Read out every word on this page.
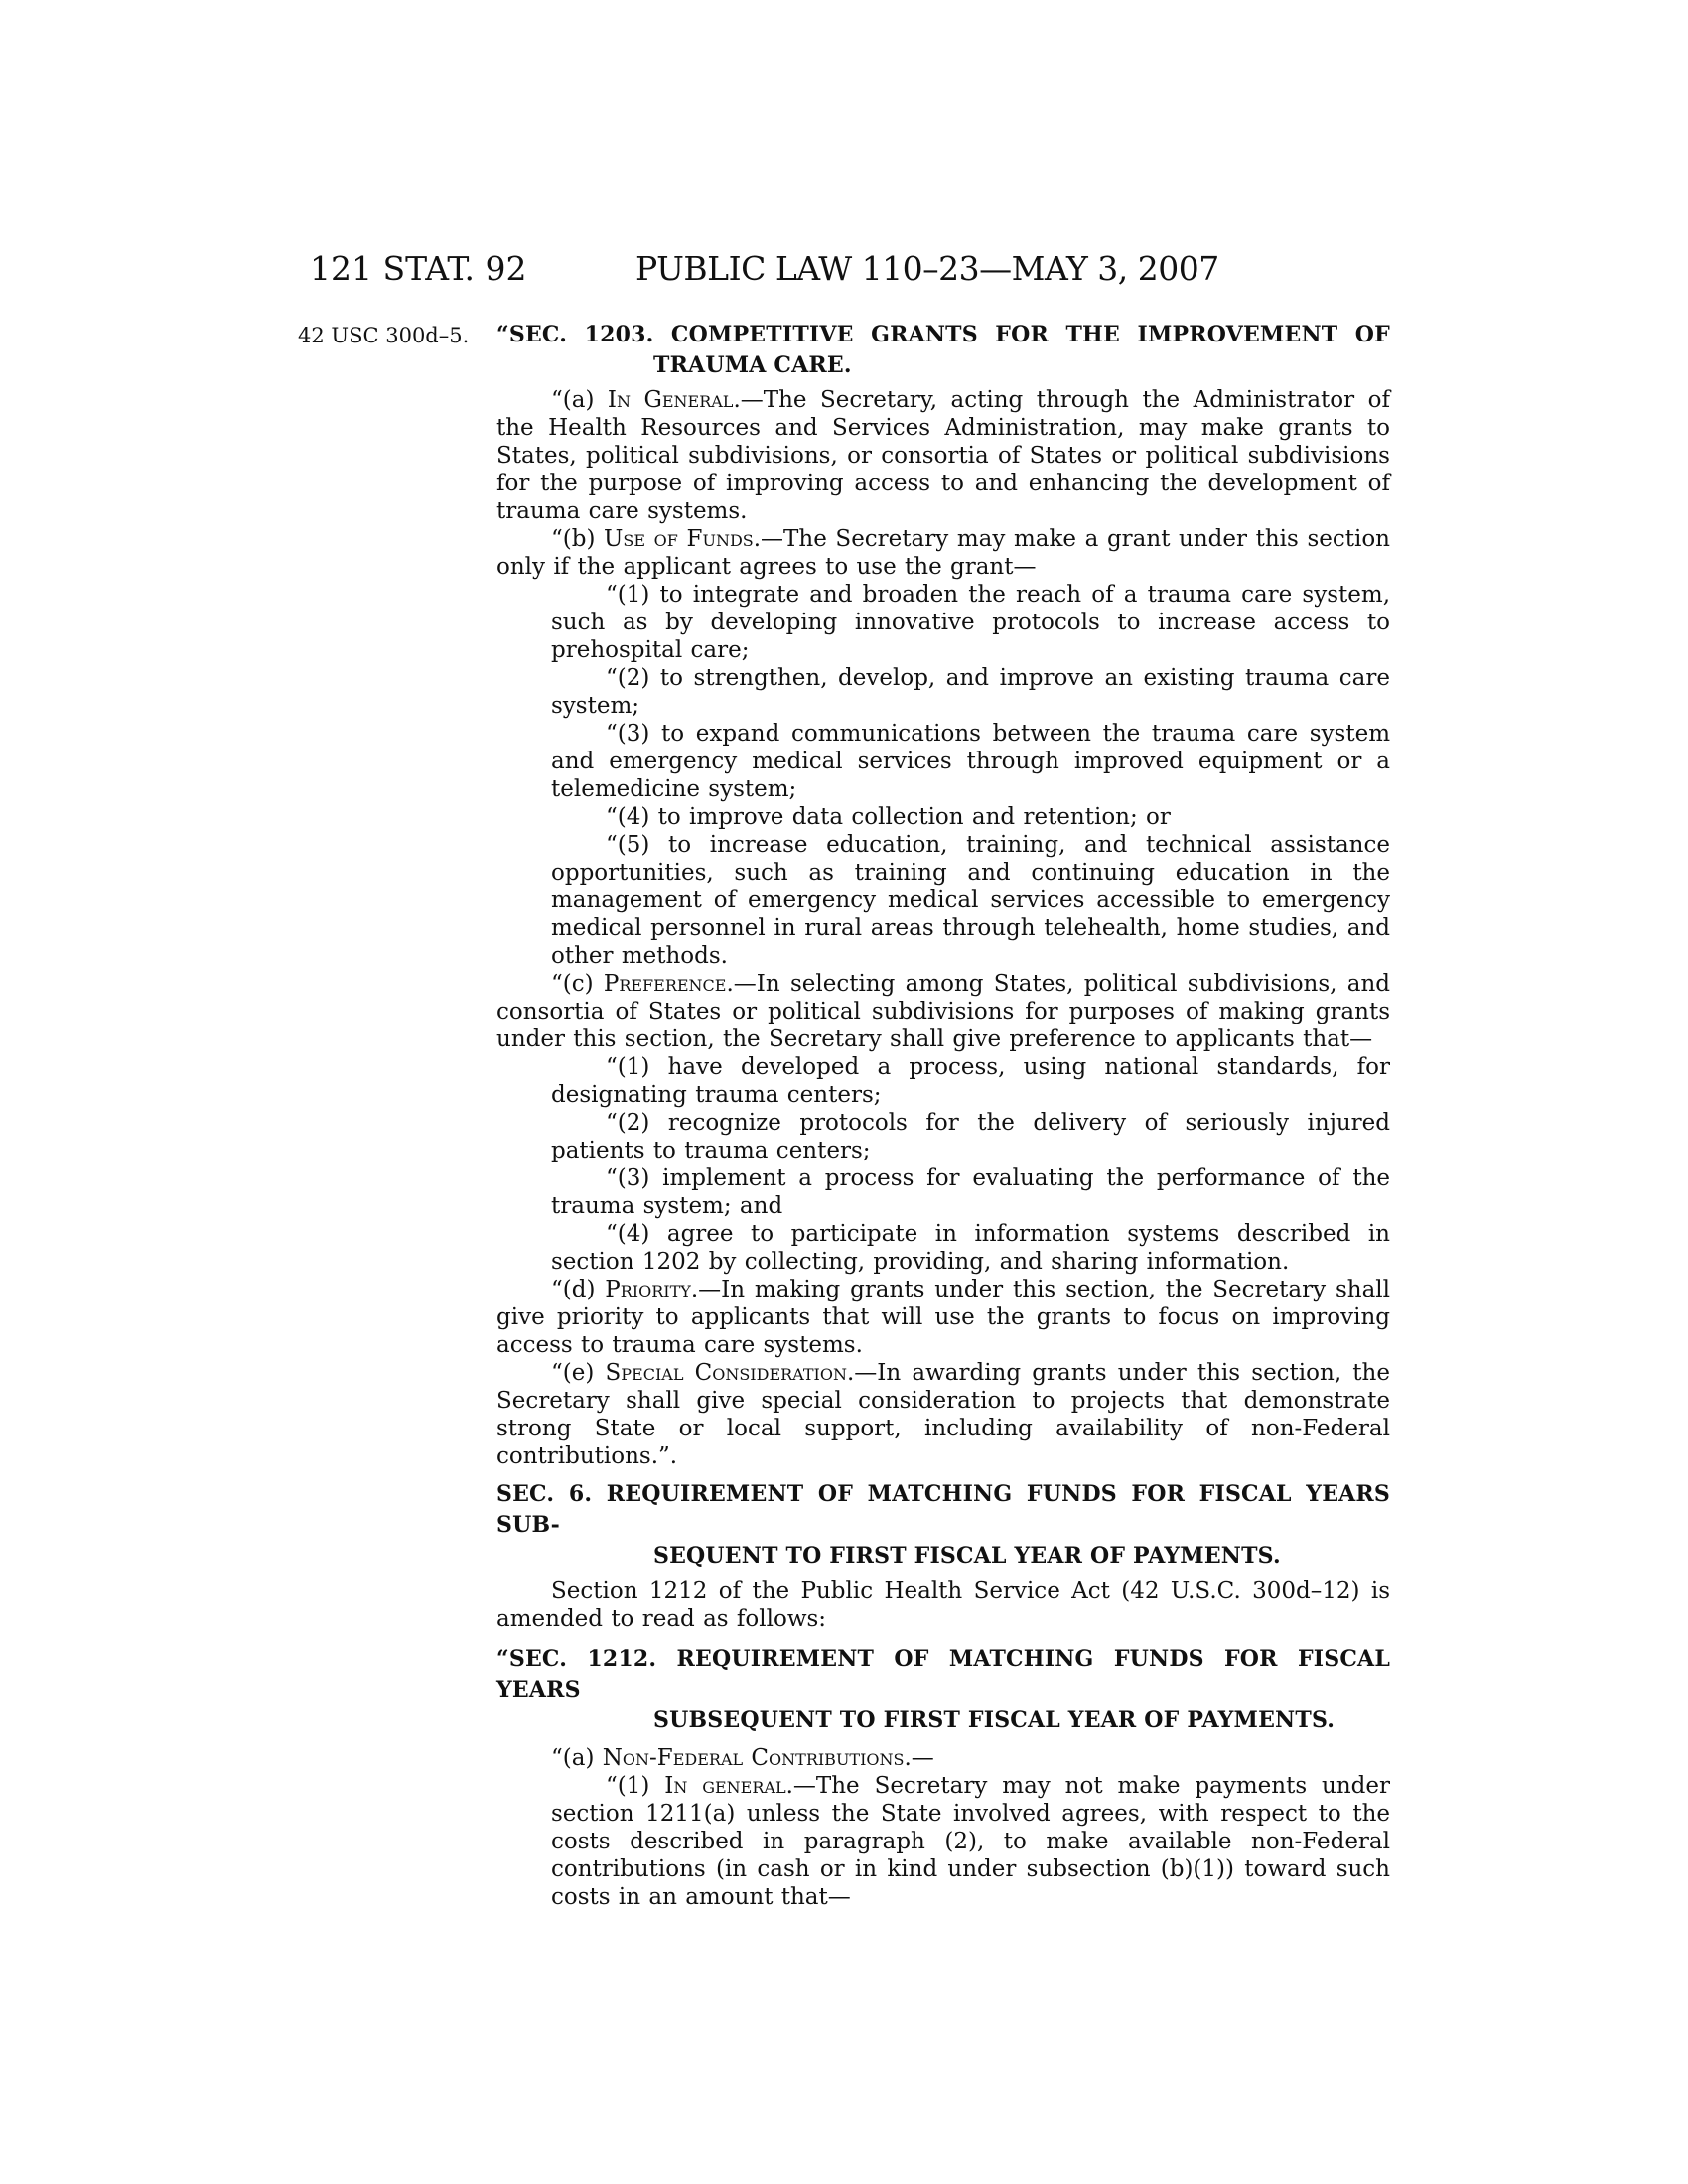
121 STAT. 92	PUBLIC LAW 110–23—MAY 3, 2007
42 USC 300d–5.	“SEC. 1203. COMPETITIVE GRANTS FOR THE IMPROVEMENT OF
TRAUMA CARE.

“(a) In General.—The Secretary, acting through the Administrator of the Health Resources and Services Administration, may make grants to States, political subdivisions, or consortia of States or political subdivisions for the purpose of improving access to and enhancing the development of trauma care systems.

“(b) Use of Funds.—The Secretary may make a grant under this section only if the applicant agrees to use the grant—

“(1) to integrate and broaden the reach of a trauma care system, such as by developing innovative protocols to increase access to prehospital care;

“(2) to strengthen, develop, and improve an existing trauma care system;

“(3) to expand communications between the trauma care system and emergency medical services through improved equipment or a telemedicine system;

“(4) to improve data collection and retention; or

“(5) to increase education, training, and technical assistance opportunities, such as training and continuing education in the management of emergency medical services accessible to emergency medical personnel in rural areas through telehealth, home studies, and other methods.

“(c) Preference.—In selecting among States, political subdivisions, and consortia of States or political subdivisions for purposes of making grants under this section, the Secretary shall give preference to applicants that—

“(1) have developed a process, using national standards, for designating trauma centers;

“(2) recognize protocols for the delivery of seriously injured patients to trauma centers;

“(3) implement a process for evaluating the performance of the trauma system; and

“(4) agree to participate in information systems described in section 1202 by collecting, providing, and sharing information.

“(d) Priority.—In making grants under this section, the Secretary shall give priority to applicants that will use the grants to focus on improving access to trauma care systems.

“(e) Special Consideration.—In awarding grants under this section, the Secretary shall give special consideration to projects that demonstrate strong State or local support, including availability of non-Federal contributions.”.

SEC. 6. REQUIREMENT OF MATCHING FUNDS FOR FISCAL YEARS SUB-
SEQUENT TO FIRST FISCAL YEAR OF PAYMENTS.

Section 1212 of the Public Health Service Act (42 U.S.C. 300d–12) is amended to read as follows:

“SEC. 1212. REQUIREMENT OF MATCHING FUNDS FOR FISCAL YEARS
SUBSEQUENT TO FIRST FISCAL YEAR OF PAYMENTS.

“(a) Non-Federal Contributions.—

“(1) In general.—The Secretary may not make payments under section 1211(a) unless the State involved agrees, with respect to the costs described in paragraph (2), to make available non-Federal contributions (in cash or in kind under subsection (b)(1)) toward such costs in an amount that—
